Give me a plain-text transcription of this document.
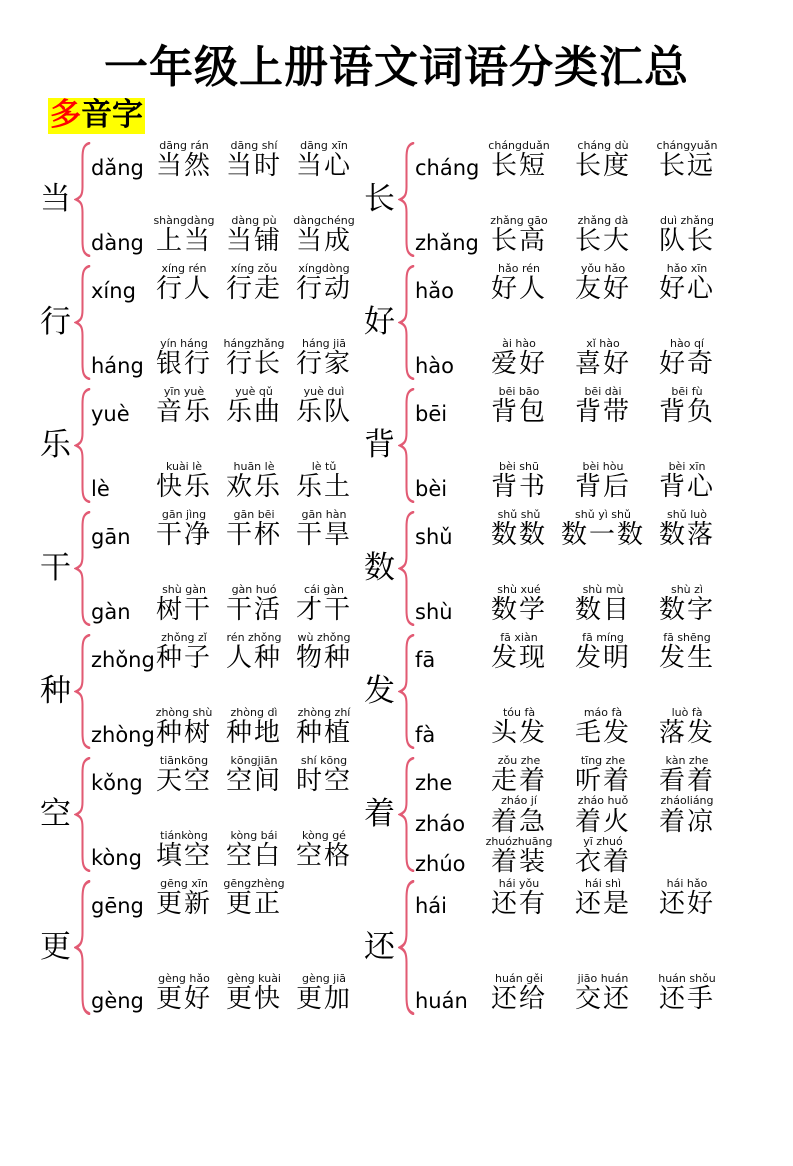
一年级上册语文词语分类汇总
多音字
当
dǎng
dāng rán
当然
dāng shí
当时
dāng xīn
当心
dàng
shàngdàng
上当
dàng pù
当铺
dàngchéng
当成
行
xíng
xíng rén
行人
xíng zǒu
行走
xíngdòng
行动
háng
yín háng
银行
hángzhǎng
行长
háng jiā
行家
乐
yuè
yīn yuè
音乐
yuè qǔ
乐曲
yuè duì
乐队
lè
kuài lè
快乐
huān lè
欢乐
lè tǔ
乐土
干
gān
gān jìng
干净
gān bēi
干杯
gān hàn
干旱
gàn
shù gàn
树干
gàn huó
干活
cái gàn
才干
种
zhǒng
zhǒng zǐ
种子
rén zhǒng
人种
wù zhǒng
物种
zhòng
zhòng shù
种树
zhòng dì
种地
zhòng zhí
种植
空
kǒng
tiānkōng
天空
kōngjiān
空间
shí kōng
时空
kòng
tiánkòng
填空
kòng bái
空白
kòng gé
空格
更
gēng
gēng xīn
更新
gēngzhèng
更正
gèng
gèng hǎo
更好
gèng kuài
更快
gèng jiā
更加
长
cháng
chángduǎn
长短
cháng dù
长度
chángyuǎn
长远
zhǎng
zhǎng gāo
长高
zhǎng dà
长大
duì zhǎng
队长
好
hǎo
hǎo rén
好人
yǒu hǎo
友好
hǎo xīn
好心
hào
ài hào
爱好
xǐ hào
喜好
hào qí
好奇
背
bēi
bēi bāo
背包
bēi dài
背带
bēi fù
背负
bèi
bèi shū
背书
bèi hòu
背后
bèi xīn
背心
数
shǔ
shǔ shǔ
数数
shǔ yì shǔ
数一数
shǔ luò
数落
shù
shù xué
数学
shù mù
数目
shù zì
数字
发
fā
fā xiàn
发现
fā míng
发明
fā shēng
发生
fà
tóu fà
头发
máo fà
毛发
luò fà
落发
着
zhe
zǒu zhe
走着
tīng zhe
听着
kàn zhe
看着
zháo
zháo jí
着急
zháo huǒ
着火
zháoliáng
着凉
zhúo
zhuózhuāng
着装
yī zhuó
衣着
还
hái
hái yǒu
还有
hái shì
还是
hái hǎo
还好
huán
huán gěi
还给
jiāo huán
交还
huán shǒu
还手
